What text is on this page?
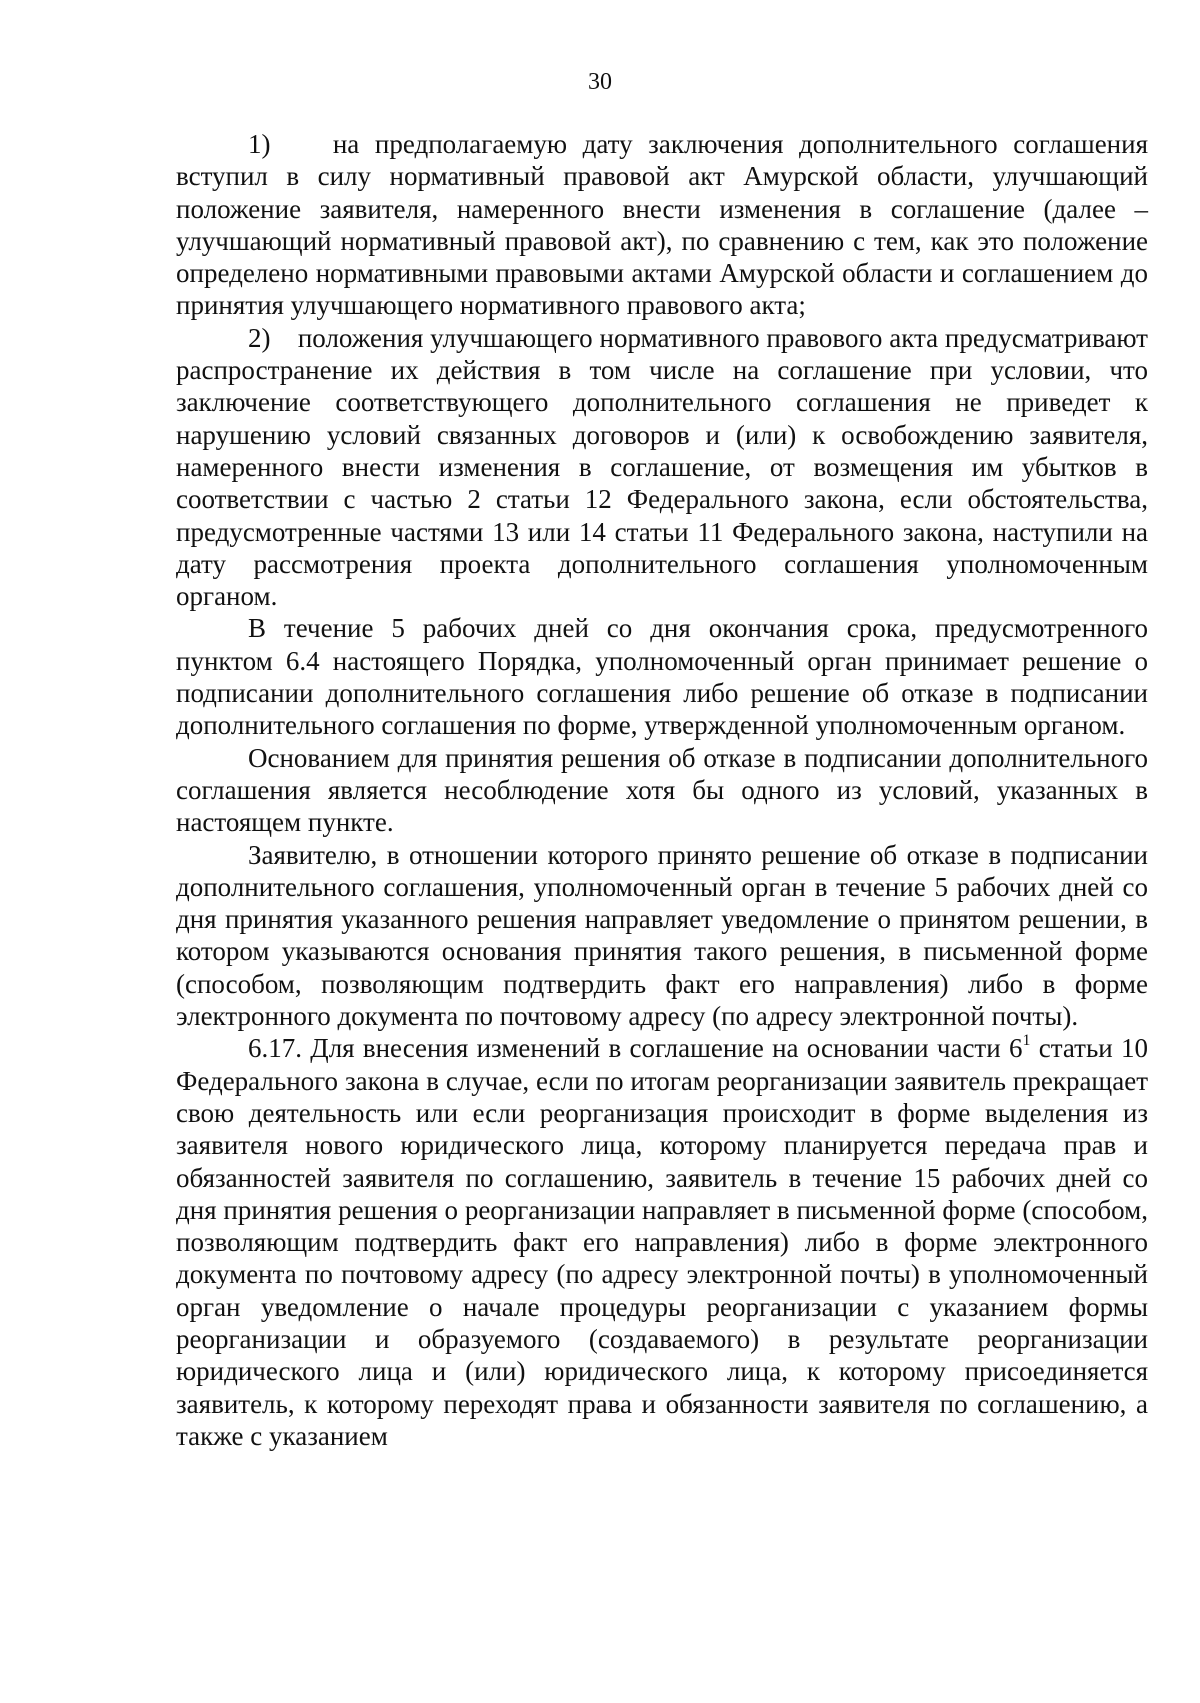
30

1)    на предполагаемую дату заключения дополнительного соглашения вступил в силу нормативный правовой акт Амурской области, улучшающий положение заявителя, намеренного внести изменения в соглашение (далее – улучшающий нормативный правовой акт), по сравнению с тем, как это положение определено нормативными правовыми актами Амурской области и соглашением до принятия улучшающего нормативного правового акта;

2)    положения улучшающего нормативного правового акта предусматривают распространение их действия в том числе на соглашение при условии, что заключение соответствующего дополнительного соглашения не приведет к нарушению условий связанных договоров и (или) к освобождению заявителя, намеренного внести изменения в соглашение, от возмещения им убытков в соответствии с частью 2 статьи 12 Федерального закона, если обстоятельства, предусмотренные частями 13 или 14 статьи 11 Федерального закона, наступили на дату рассмотрения проекта дополнительного соглашения уполномоченным органом.

В течение 5 рабочих дней со дня окончания срока, предусмотренного пунктом 6.4 настоящего Порядка, уполномоченный орган принимает решение о подписании дополнительного соглашения либо решение об отказе в подписании дополнительного соглашения по форме, утвержденной уполномоченным органом.

Основанием для принятия решения об отказе в подписании дополнительного соглашения является несоблюдение хотя бы одного из условий, указанных в настоящем пункте.

Заявителю, в отношении которого принято решение об отказе в подписании дополнительного соглашения, уполномоченный орган в течение 5 рабочих дней со дня принятия указанного решения направляет уведомление о принятом решении, в котором указываются основания принятия такого решения, в письменной форме (способом, позволяющим подтвердить факт его направления) либо в форме электронного документа по почтовому адресу (по адресу электронной почты).

6.17. Для внесения изменений в соглашение на основании части $6^1$ статьи 10 Федерального закона в случае, если по итогам реорганизации заявитель прекращает свою деятельность или если реорганизация происходит в форме выделения из заявителя нового юридического лица, которому планируется передача прав и обязанностей заявителя по соглашению, заявитель в течение 15 рабочих дней со дня принятия решения о реорганизации направляет в письменной форме (способом, позволяющим подтвердить факт его направления) либо в форме электронного документа по почтовому адресу (по адресу электронной почты) в уполномоченный орган уведомление о начале процедуры реорганизации с указанием формы реорганизации и образуемого (создаваемого) в результате реорганизации юридического лица и (или) юридического лица, к которому присоединяется заявитель, к которому переходят права и обязанности заявителя по соглашению, а также с указанием
